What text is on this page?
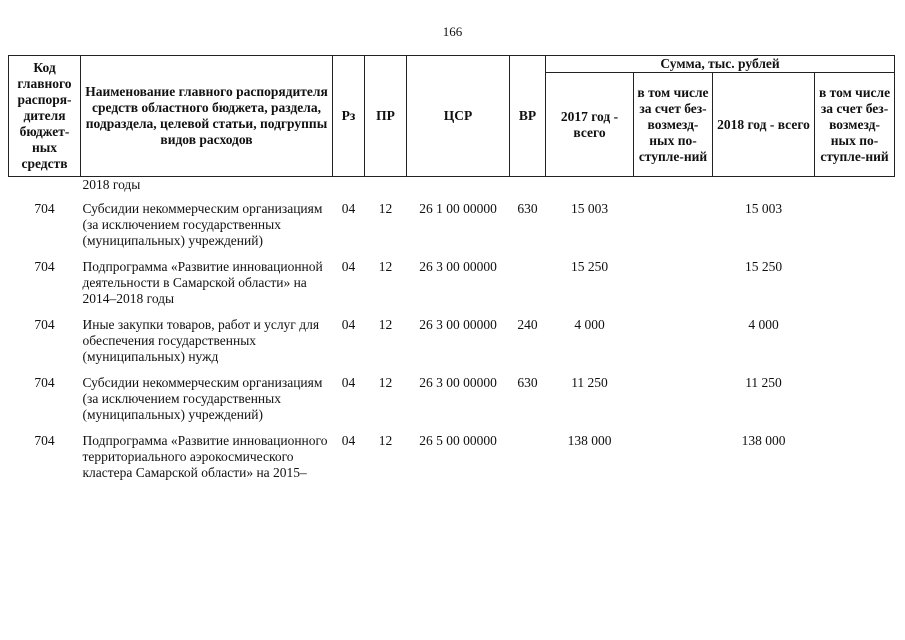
166
Код главного распоря-дителя бюджет-ных средств	Наименование главного распорядителя средств областного бюджета, раздела, подраздела, целевой статьи, подгруппы видов расходов	Рз	ПР	ЦСР	ВР	Сумма, тыс. рублей			
						2017 год - всего	в том числе за счет без-возмезд-ных по-ступле-ний	2018 год - всего	в том числе за счет без-возмезд-ных по-ступле-ний
	2018 годы								
704	Субсидии некоммерческим организациям (за исключением государственных (муниципальных) учреждений)	04	12	26 1 00 00000	630	15 003		15 003	
704	Подпрограмма «Развитие инновационной деятельности в Самарской области» на 2014–2018 годы	04	12	26 3 00 00000		15 250		15 250	
704	Иные закупки товаров, работ и услуг для обеспечения государственных (муниципальных) нужд	04	12	26 3 00 00000	240	4 000		4 000	
704	Субсидии некоммерческим организациям (за исключением государственных (муниципальных) учреждений)	04	12	26 3 00 00000	630	11 250		11 250	
704	Подпрограмма «Развитие инновационного территориального аэрокосмического кластера Самарской области» на 2015–	04	12	26 5 00 00000		138 000		138 000	
